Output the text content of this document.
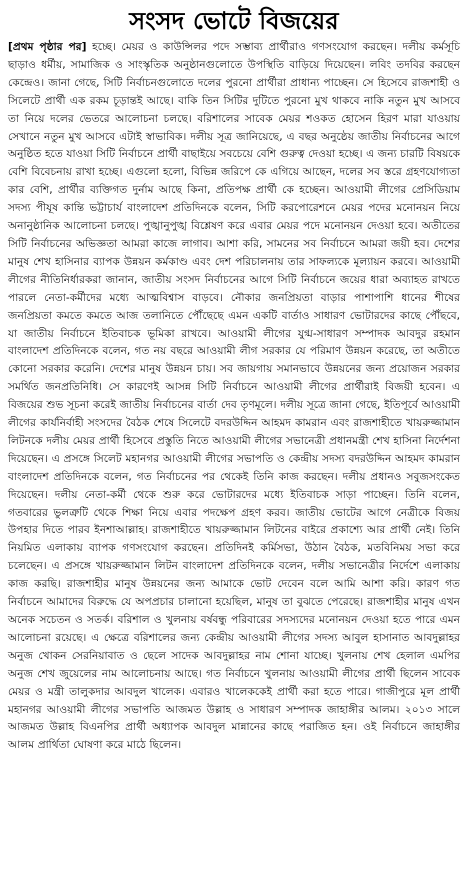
সংসদ ভোটে বিজয়ের
[প্রথম পৃষ্ঠার পর] হচ্ছে। মেয়র ও কাউন্সিলর পদে সম্ভাব্য প্রার্থীরাও গণসংযোগ করছেন। দলীয় কর্মসূচি ছাড়াও ধর্মীয়, সামাজিক ও সাংস্কৃতিক অনুষ্ঠানগুলোতে উপস্থিতি বাড়িয়ে দিয়েছেন। লবিং তদবির করছেন কেন্দ্রেও। জানা গেছে, সিটি নির্বাচনগুলোতে দলের পুরনো প্রার্থীরা প্রাধান্য পাচ্ছেন। সে হিসেবে রাজশাহী ও সিলেটে প্রার্থী এক রকম চূড়ান্তই আছে। বাকি তিন সিটির দুটিতে পুরনো মুখ থাকবে নাকি নতুন মুখ আসবে তা নিয়ে দলের ভেতরে আলোচনা চলছে। বরিশালের সাবেক মেয়র শওকত হোসেন হিরণ মারা যাওয়ায় সেখানে নতুন মুখ আসবে এটাই স্বাভাবিক। দলীয় সূত্র জানিয়েছে, এ বছর অনুষ্ঠেয় জাতীয় নির্বাচনের আগে অনুষ্ঠিত হতে যাওয়া সিটি নির্বাচনে প্রার্থী বাছাইয়ে সবচেয়ে বেশি গুরুত্ব দেওয়া হচ্ছে। এ জন্য চারটি বিষয়কে বেশি বিবেচনায় রাখা হচ্ছে। এগুলো হলো, বিভিন্ন জরিপে কে এগিয়ে আছেন, দলের সব স্তরে গ্রহণযোগ্যতা কার বেশি, প্রার্থীর ব্যক্তিগত দুর্নাম আছে কিনা, প্রতিপক্ষ প্রার্থী কে হচ্ছেন। আওয়ামী লীগের প্রেসিডিয়াম সদস্য পীযূষ কান্তি ভট্টাচার্য বাংলাদেশ প্রতিদিনকে বলেন, সিটি করপোরেশনে মেয়র পদের মনোনয়ন নিয়ে অনানুষ্ঠানিক আলোচনা চলছে। পুঙ্খানুপুঙ্খ বিশ্লেষণ করে এবার মেয়র পদে মনোনয়ন দেওয়া হবে। অতীতের সিটি নির্বাচনের অভিজ্ঞতা আমরা কাজে লাগাব। আশা করি, সামনের সব নির্বাচনে আমরা জয়ী হব। দেশের মানুষ শেখ হাসিনার ব্যাপক উন্নয়ন কর্মকাণ্ড এবং দেশ পরিচালনায় তার সাফল্যকে মূল্যায়ন করবে। আওয়ামী লীগের নীতিনির্ধারকরা জানান, জাতীয় সংসদ নির্বাচনের আগে সিটি নির্বাচনে জয়ের ধারা অব্যাহত রাখতে পারলে নেতা-কর্মীদের মধ্যে আত্মবিশ্বাস বাড়বে। নৌকার জনপ্রিয়তা বাড়ার পাশাপাশি ধানের শীষের জনপ্রিয়তা কমতে কমতে আজ তলানিতে পৌঁছেছে এমন একটি বার্তাও সাধারণ ভোটারদের কাছে পৌঁছবে, যা জাতীয় নির্বাচনে ইতিবাচক ভূমিকা রাখবে। আওয়ামী লীগের যুগ্ম-সাধারণ সম্পাদক আবদুর রহমান বাংলাদেশ প্রতিদিনকে বলেন, গত নয় বছরে আওয়ামী লীগ সরকার যে পরিমাণ উন্নয়ন করেছে, তা অতীতে কোনো সরকার করেনি। দেশের মানুষ উন্নয়ন চায়। সব জায়গায় সমানভাবে উন্নয়নের জন্য প্রয়োজন সরকার সমর্থিত জনপ্রতিনিধি। সে কারণেই আসন্ন সিটি নির্বাচনে আওয়ামী লীগের প্রার্থীরাই বিজয়ী হবেন। এ বিজয়ের শুভ সূচনা করেই জাতীয় নির্বাচনের বার্তা দেব তৃণমূলে। দলীয় সূত্রে জানা গেছে, ইতিপূর্বে আওয়ামী লীগের কার্যনির্বাহী সংসদের বৈঠক শেষে সিলেটে বদরউদ্দিন আহমদ কামরান এবং রাজশাহীতে খায়রুজ্জামান লিটনকে দলীয় মেয়র প্রার্থী হিসেবে প্রস্তুতি নিতে আওয়ামী লীগের সভানেত্রী প্রধানমন্ত্রী শেখ হাসিনা নির্দেশনা দিয়েছেন। এ প্রসঙ্গে সিলেট মহানগর আওয়ামী লীগের সভাপতি ও কেন্দ্রীয় সদস্য বদরউদ্দিন আহমদ কামরান বাংলাদেশ প্রতিদিনকে বলেন, গত নির্বাচনের পর থেকেই তিনি কাজ করছেন। দলীয় প্রধানও সবুজসংকেত দিয়েছেন। দলীয় নেতা-কর্মী থেকে শুরু করে ভোটারদের মধ্যে ইতিবাচক সাড়া পাচ্ছেন। তিনি বলেন, গতবারের ভুলত্রুটি থেকে শিক্ষা নিয়ে এবার পদক্ষেপ গ্রহণ করব। জাতীয় ভোটের আগে নেত্রীকে বিজয় উপহার দিতে পারব ইনশাআল্লাহ। রাজশাহীতে খায়রুজ্জামান লিটনের বাইরে প্রকাশ্যে আর প্রার্থী নেই। তিনি নিয়মিত এলাকায় ব্যাপক গণসংযোগ করছেন। প্রতিদিনই কর্মিসভা, উঠান বৈঠক, মতবিনিময় সভা করে চলেছেন। এ প্রসঙ্গে খায়রুজ্জামান লিটন বাংলাদেশ প্রতিদিনকে বলেন, দলীয় সভানেত্রীর নির্দেশে এলাকায় কাজ করছি। রাজশাহীর মানুষ উন্নয়নের জন্য আমাকে ভোট দেবেন বলে আমি আশা করি। কারণ গত নির্বাচনে আমাদের বিরুদ্ধে যে অপপ্রচার চালানো হয়েছিল, মানুষ তা বুঝতে পেরেছে। রাজশাহীর মানুষ এখন অনেক সচেতন ও সতর্ক। বরিশাল ও খুলনায় বর্ষবন্ধু পরিবারের সদস্যদের মনোনয়ন দেওয়া হতে পারে এমন আলোচনা রয়েছে। এ ক্ষেত্রে বরিশালের জন্য কেন্দ্রীয় আওয়ামী লীগের সদস্য আবুল হাসানাত আবদুল্লাহর অনুজ খোকন সেরনিয়াবাত ও ছেলে সাদেক আবদুল্লাহর নাম শোনা যাচ্ছে। খুলনায় শেখ হেলাল এমপির অনুজ শেখ জুয়েলের নাম আলোচনায় আছে। গত নির্বাচনে খুলনায় আওয়ামী লীগের প্রার্থী ছিলেন সাবেক মেয়র ও মন্ত্রী তালুকদার আবদুল খালেক। এবারও খালেককেই প্রার্থী করা হতে পারে। গাজীপুরে মূল প্রার্থী মহানগর আওয়ামী লীগের সভাপতি আজমত উল্লাহ ও সাধারণ সম্পাদক জাহাঙ্গীর আলম। ২০১৩ সালে আজমত উল্লাহ বিএনপির প্রার্থী অধ্যাপক আবদুল মান্নানের কাছে পরাজিত হন। ওই নির্বাচনে জাহাঙ্গীর আলম প্রার্থিতা ঘোষণা করে মাঠে ছিলেন।
